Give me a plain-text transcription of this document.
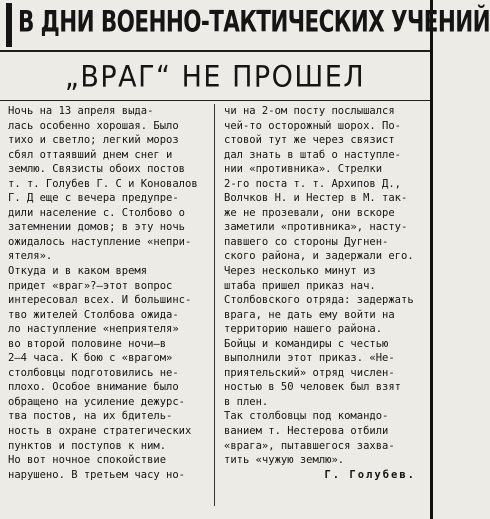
В ДНИ ВОЕННО-ТАКТИЧЕСКИХ УЧЕНИЙ
„ВРАГ“ НЕ ПРОШЕЛ
Ночь на 13 апреля выда-
лась особенно хорошая. Было
тихо и светло; легкий мороз
сбял оттаявший днем снег и
землю. Связисты обоих постов
т. т. Голубев Г. С и Коновалов
Г. Д еще с вечера предупре-
дили население с. Столбово о
затемнении домов; в эту ночь
ожидалось наступление «непри-
ятеля».
Откуда и в каком время
придет «враг»?—этот вопрос
интересовал всех. И большинс-
тво жителей Столбова ожида-
ло наступление «неприятеля»
во второй половине ночи—в
2—4 часа. К бою с «врагом»
столбовцы подготовились не-
плохо. Особое внимание было
обращено на усиление дежурс-
тва постов, на их бдитель-
ность в охране стратегических
пунктов и поступов к ним.
Но вот ночное спокойствие
нарушено. В третьем часу но-
чи на 2-ом посту послышался
чей-то осторожный шорох. По-
стовой тут же через связист
дал знать в штаб о наступле-
нии «противника». Стрелки
2-го поста т. т. Архипов Д.,
Волчков Н. и Нестер в М. так-
же не прозевали, они вскоре
заметили «противника», насту-
павшего со стороны Дугнен-
ского района, и задержали его.
Через несколько минут из
штаба пришел приказ нач.
Столбовского отряда: задержать
врага, не дать ему войти на
территорию нашего района.
Бойцы и командиры с честью
выполнили этот приказ. «Не-
приятельский» отряд числен-
ностью в 50 человек был взят
в плен.
Так столбовцы под командо-
ванием т. Нестерова отбили
«врага», пытавшегося захва-
тить «чужую землю».
Г. Голубев.
